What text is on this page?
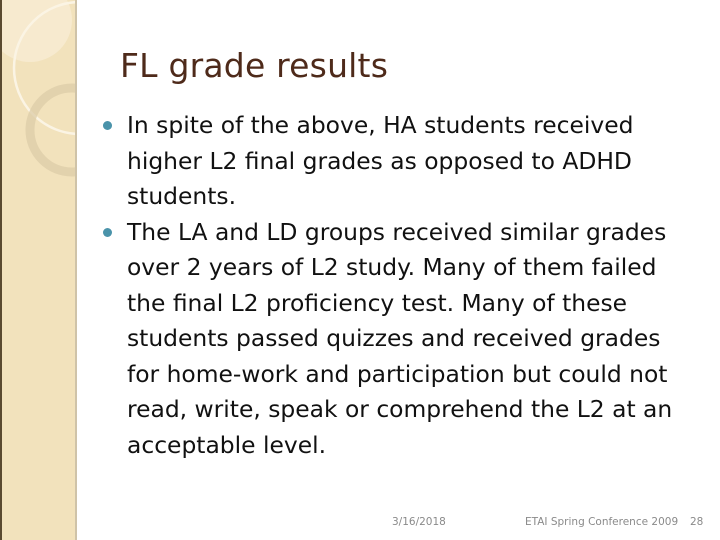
FL grade results
In spite of the above, HA students received higher L2 final grades as opposed to ADHD students.
The LA and LD groups received similar grades over 2 years of L2 study. Many of them failed the final L2 proficiency test. Many of these students passed quizzes and received grades for home-work and participation but could not read, write, speak or comprehend the L2 at an acceptable level.
3/16/2018	ETAI Spring Conference 2009 28
